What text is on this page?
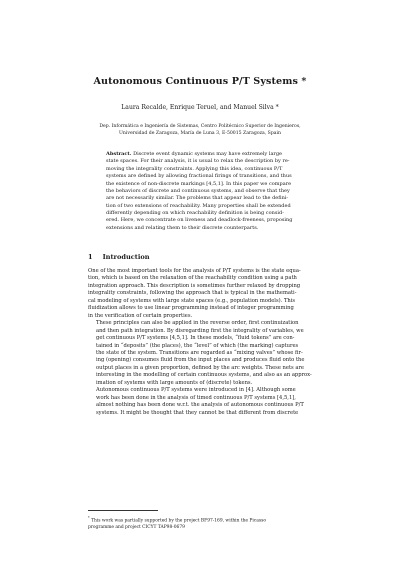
Autonomous Continuous P/T Systems *
Laura Recalde, Enrique Teruel, and Manuel Silva *
Dep. Informática e Ingeniería de Sistemas, Centro Politécnico Superior de Ingenieros,
Universidad de Zaragoza, María de Luna 3, E-50015 Zaragoza, Spain
Abstract. Discrete event dynamic systems may have extremely large
state spaces. For their analysis, it is usual to relax the description by re-
moving the integrality constraints. Applying this idea, continuous P/T
systems are defined by allowing fractional firings of transitions, and thus
the existence of non-discrete markings [4,5,1]. In this paper we compare
the behaviors of discrete and continuous systems, and observe that they
are not necessarily similar. The problems that appear lead to the defini-
tion of two extensions of reachability. Many properties shall be extended
differently depending on which reachability definition is being consid-
ered. Here, we concentrate on liveness and deadlock-freeness, proposing
extensions and relating them to their discrete counterparts.
1 Introduction

One of the most important tools for the analysis of P/T systems is the state equa-
tion, which is based on the relaxation of the reachability condition using a path
integration approach. This description is sometimes further relaxed by dropping
integrality constraints, following the approach that is typical in the mathemati-
cal modeling of systems with large state spaces (e.g., population models). This
fluidization allows to use linear programming instead of integer programming
in the verification of certain properties.

These principles can also be applied in the reverse order, first continuization
and then path integration. By disregarding first the integrality of variables, we
get continuous P/T systems [4,5,1]. In these models, “fluid tokens” are con-
tained in “deposits” (the places), the “level” of which (the marking) captures
the state of the system. Transitions are regarded as “mixing valves” whose fir-
ing (opening) consumes fluid from the input places and produces fluid onto the
output places in a given proportion, defined by the arc weights. These nets are
interesting in the modelling of certain continuous systems, and also as an approx-
imation of systems with large amounts of (discrete) tokens.

Autonomous continuous P/T systems were introduced in [4]. Although some
work has been done in the analysis of timed continuous P/T systems [4,5,1],
almost nothing has been done w.r.t. the analysis of autonomous continuous P/T
systems. It might be thought that they cannot be that different from discrete

* This work was partially supported by the project BF97-169, within the Picasso
programme and project CICYT TAP98-0679
